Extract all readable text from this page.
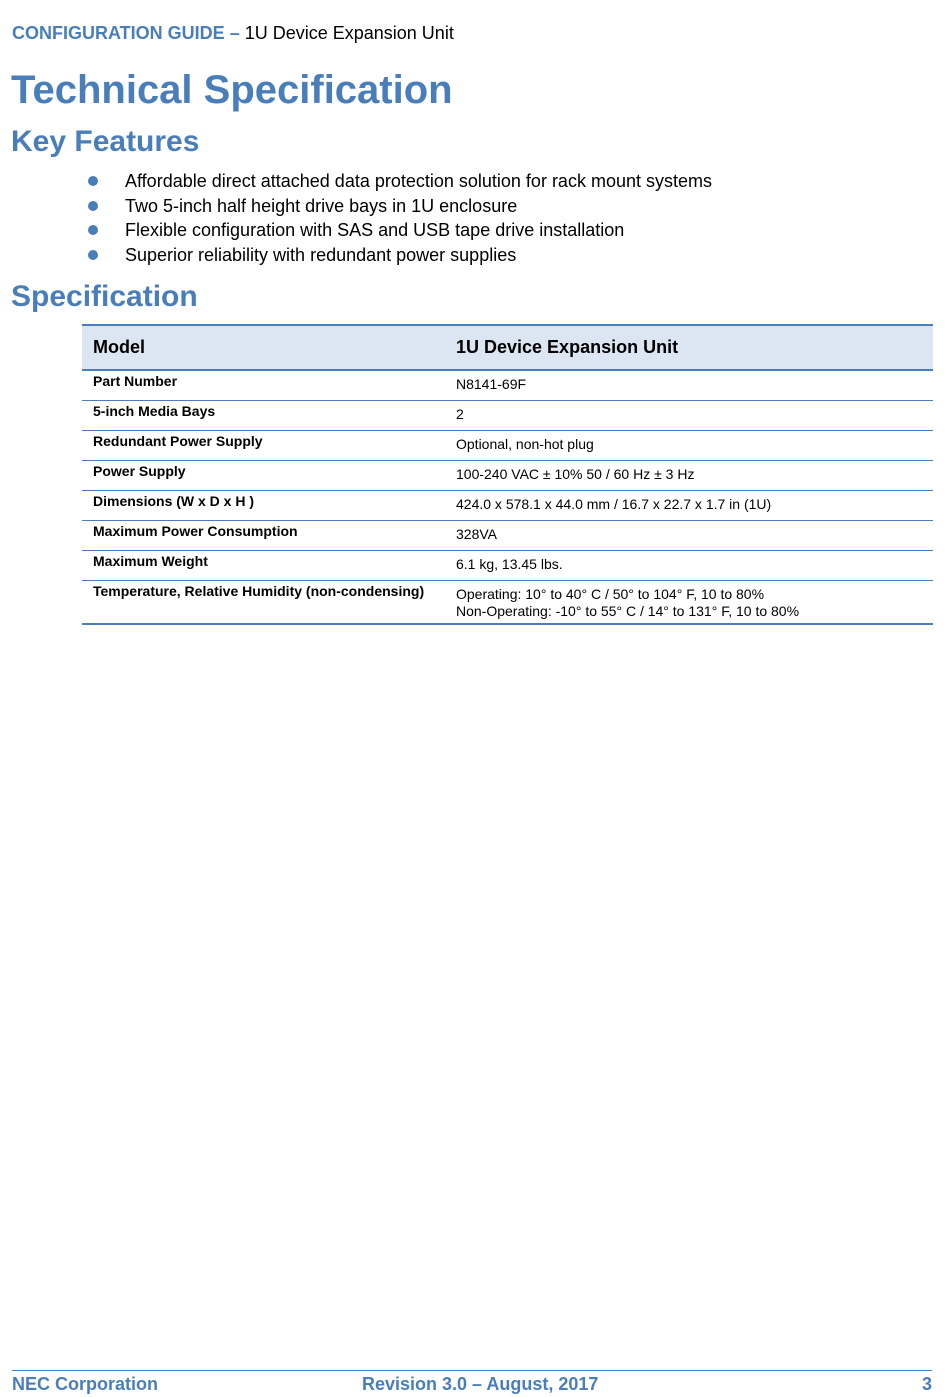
CONFIGURATION GUIDE – 1U Device Expansion Unit
Technical Specification
Key Features
Affordable direct attached data protection solution for rack mount systems
Two 5-inch half height drive bays in 1U enclosure
Flexible configuration with SAS and USB tape drive installation
Superior reliability with redundant power supplies
Specification
Model	1U Device Expansion Unit
Part Number	N8141-69F
5-inch Media Bays	2
Redundant Power Supply	Optional, non-hot plug
Power Supply	100-240 VAC ± 10% 50 / 60 Hz ± 3 Hz
Dimensions (W x D x H )	424.0 x 578.1 x 44.0 mm / 16.7 x 22.7 x 1.7 in (1U)
Maximum Power Consumption	328VA
Maximum Weight	6.1 kg, 13.45 lbs.
Temperature, Relative Humidity (non-condensing)	Operating: 10° to 40° C / 50° to 104° F, 10 to 80%
Non-Operating: -10° to 55° C / 14° to 131° F, 10 to 80%
NEC Corporation	Revision 3.0 – August, 2017	3
